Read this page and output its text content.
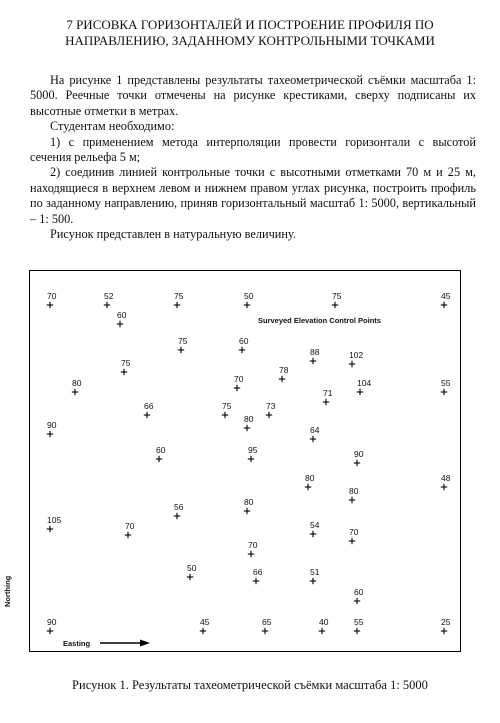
7 РИСОВКА ГОРИЗОНТАЛЕЙ И ПОСТРОЕНИЕ ПРОФИЛЯ ПО НАПРАВЛЕНИЮ, ЗАДАННОМУ КОНТРОЛЬНЫМИ ТОЧКАМИ

На рисунке 1 представлены результаты тахеометрической съёмки масштаба 1: 5000. Реечные точки отмечены на рисунке крестиками, сверху подписаны их высотные отметки в метрах.

Студентам необходимо:

1) с применением метода интерполяции провести горизонтали с высотой сечения рельефа 5 м;

2) соединив линией контрольные точки с высотными отметками 70 м и 25 м, находящиеся в верхнем левом и нижнем правом углах рисунка, построить профиль по заданному направлению, приняв горизонтальный масштаб 1: 5000, вертикальный – 1: 500.

Рисунок представлен в натуральную величину.

Surveyed Elevation Control Points
Easting
70	52	75	50	75	45
60
75	60
88	102
75
78
70
80	104	55
71
66	75	73
80
90	64
60	95	90
80	48
80
56	80
105
70	54
70
70
50	66	51
60
90	45	65	40	55	25
Northing
Рисунок 1. Результаты тахеометрической съёмки масштаба 1: 5000
